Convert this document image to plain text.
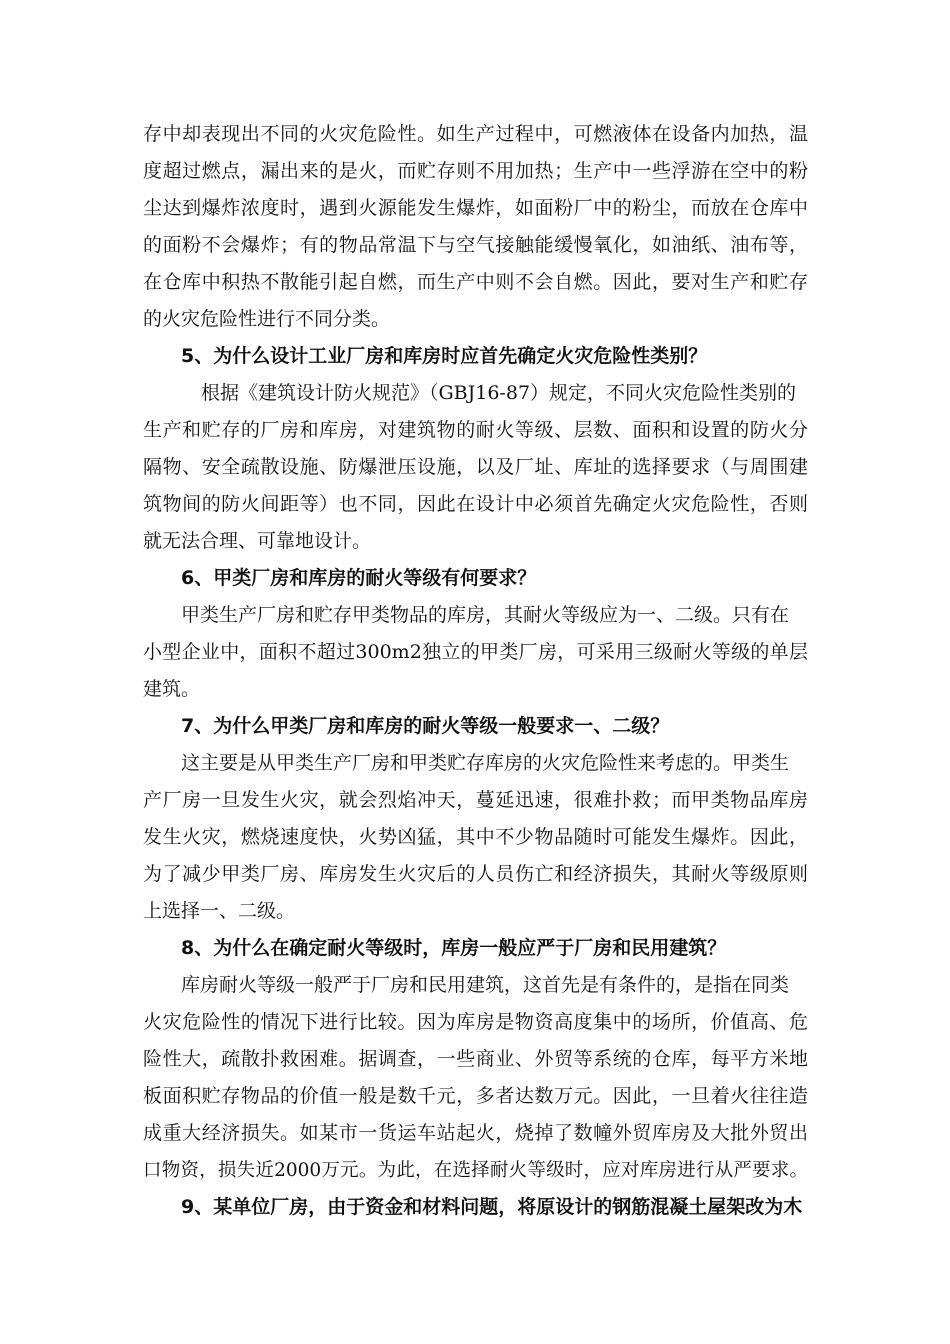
存中却表现出不同的火灾危险性。如生产过程中，可燃液体在设备内加热，温
度超过燃点，漏出来的是火，而贮存则不用加热；生产中一些浮游在空中的粉
尘达到爆炸浓度时，遇到火源能发生爆炸，如面粉厂中的粉尘，而放在仓库中
的面粉不会爆炸；有的物品常温下与空气接触能缓慢氧化，如油纸、油布等，
在仓库中积热不散能引起自燃，而生产中则不会自燃。因此，要对生产和贮存
的火灾危险性进行不同分类。
5、为什么设计工业厂房和库房时应首先确定火灾危险性类别？
根据《建筑设计防火规范》（GBJ16-87）规定，不同火灾危险性类别的
生产和贮存的厂房和库房，对建筑物的耐火等级、层数、面积和设置的防火分
隔物、安全疏散设施、防爆泄压设施，以及厂址、库址的选择要求（与周围建
筑物间的防火间距等）也不同，因此在设计中必须首先确定火灾危险性，否则
就无法合理、可靠地设计。
6、甲类厂房和库房的耐火等级有何要求？
甲类生产厂房和贮存甲类物品的库房，其耐火等级应为一、二级。只有在
小型企业中，面积不超过300m2独立的甲类厂房，可采用三级耐火等级的单层
建筑。
7、为什么甲类厂房和库房的耐火等级一般要求一、二级？
这主要是从甲类生产厂房和甲类贮存库房的火灾危险性来考虑的。甲类生
产厂房一旦发生火灾，就会烈焰冲天，蔓延迅速，很难扑救；而甲类物品库房
发生火灾，燃烧速度快，火势凶猛，其中不少物品随时可能发生爆炸。因此，
为了减少甲类厂房、库房发生火灾后的人员伤亡和经济损失，其耐火等级原则
上选择一、二级。
8、为什么在确定耐火等级时，库房一般应严于厂房和民用建筑？
库房耐火等级一般严于厂房和民用建筑，这首先是有条件的，是指在同类
火灾危险性的情况下进行比较。因为库房是物资高度集中的场所，价值高、危
险性大，疏散扑救困难。据调查，一些商业、外贸等系统的仓库，每平方米地
板面积贮存物品的价值一般是数千元，多者达数万元。因此，一旦着火往往造
成重大经济损失。如某市一货运车站起火，烧掉了数幢外贸库房及大批外贸出
口物资，损失近2000万元。为此，在选择耐火等级时，应对库房进行从严要求。
9、某单位厂房，由于资金和材料问题，将原设计的钢筋混凝土屋架改为木
